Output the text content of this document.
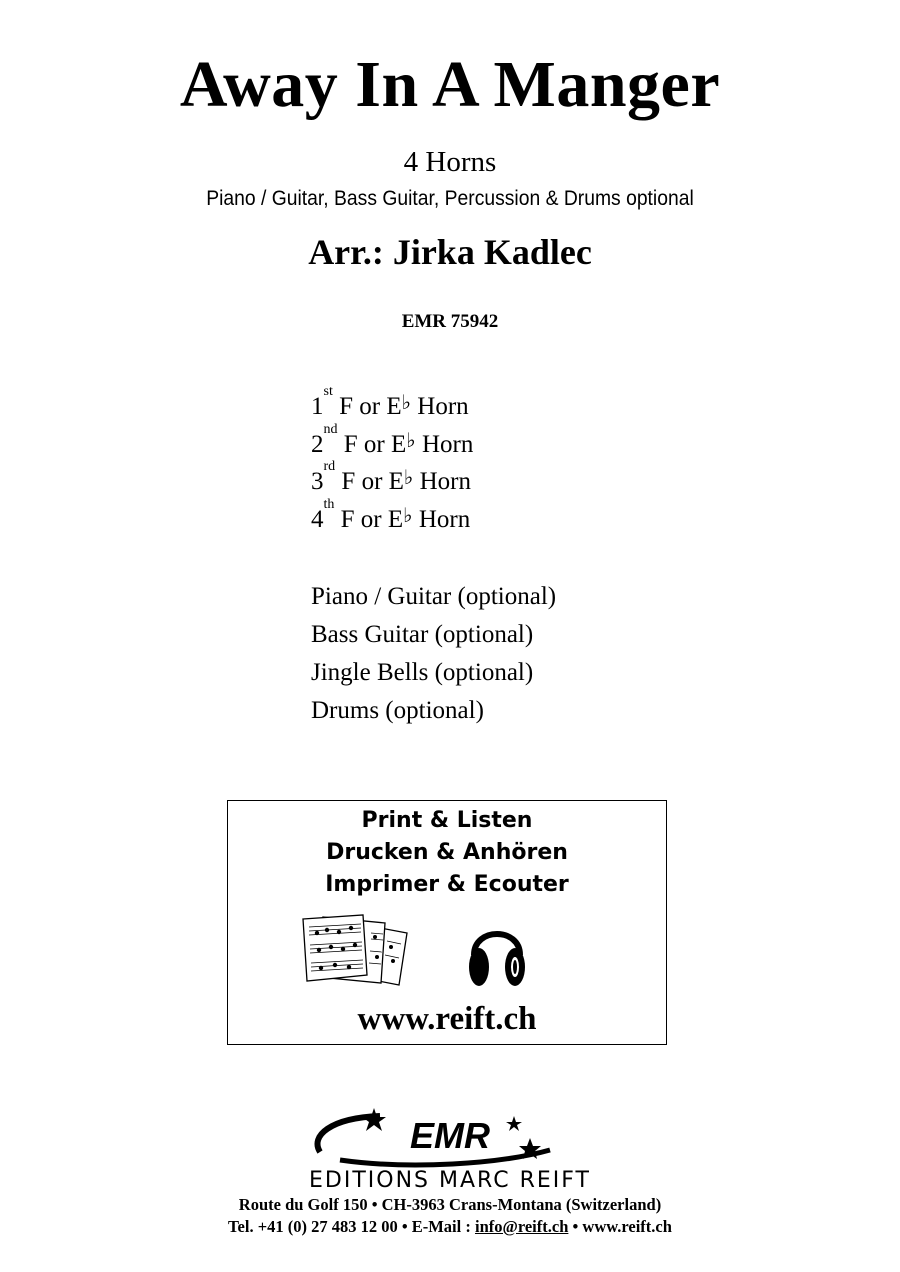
Away In A Manger
4 Horns
Piano / Guitar, Bass Guitar, Percussion & Drums optional
Arr.: Jirka Kadlec
EMR 75942
1st F or E♭ Horn
2nd F or E♭ Horn
3rd F or E♭ Horn
4th F or E♭ Horn
Piano / Guitar (optional)
Bass Guitar (optional)
Jingle Bells (optional)
Drums (optional)
Print & Listen
Drucken & Anhören
Imprimer & Ecouter
www.reift.ch
EMR
EDITIONS MARC REIFT
Route du Golf 150 • CH-3963 Crans-Montana (Switzerland)
Tel. +41 (0) 27 483 12 00 • E-Mail : info@reift.ch • www.reift.ch
